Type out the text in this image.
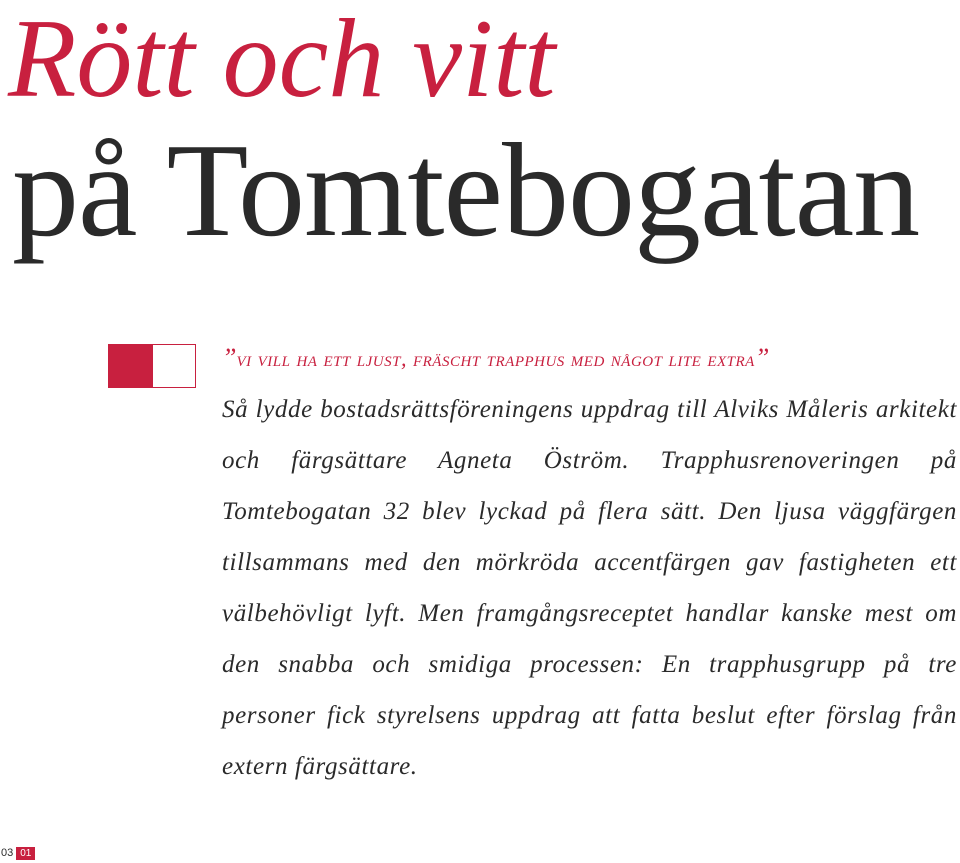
Rött och vitt
på Tomtebogatan
”vi vill ha ett ljust, fräscht trapphus med något lite extra”

Så lydde bostadsrättsföreningens uppdrag till Alviks Måleris arkitekt och färgsättare Agneta Öström. Trapphusrenoveringen på Tomtebogatan 32 blev lyckad på flera sätt. Den ljusa väggfärgen tillsammans med den mörkröda accentfärgen gav fastigheten ett välbehövligt lyft. Men framgångsreceptet handlar kanske mest om den snabba och smidiga processen: En trapphusgrupp på tre personer fick styrelsens uppdrag att fatta beslut efter förslag från extern färgsättare.

03 01
